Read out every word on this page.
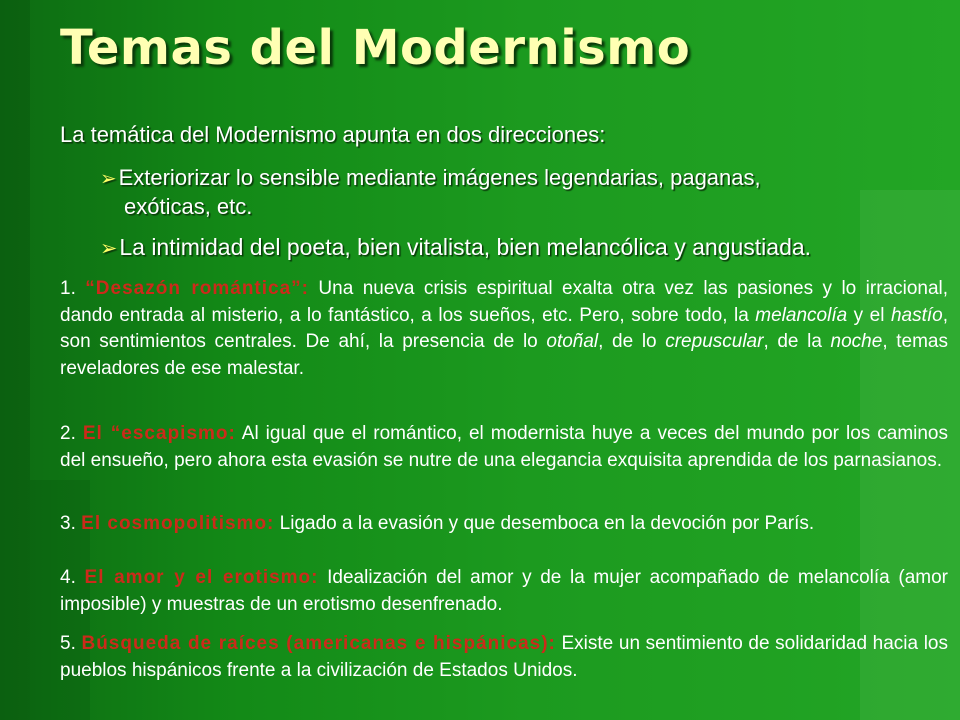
Temas del Modernismo
La temática del Modernismo apunta en dos direcciones:
➢Exteriorizar lo sensible mediante imágenes legendarias, paganas,
exóticas, etc.
➢La intimidad del poeta, bien vitalista, bien melancólica y angustiada.
1. “Desazón romántica”: Una nueva crisis espiritual exalta otra vez las pasiones y lo irracional, dando entrada al misterio, a lo fantástico, a los sueños, etc. Pero, sobre todo, la melancolía y el hastío, son sentimientos centrales. De ahí, la presencia de lo otoñal, de lo crepuscular, de la noche, temas reveladores de ese malestar.
2. El “escapismo: Al igual que el romántico, el modernista huye a veces del mundo por los caminos del ensueño, pero ahora esta evasión se nutre de una elegancia exquisita aprendida de los parnasianos.
3. El cosmopolitismo: Ligado a la evasión y que desemboca en la devoción por París.
4. El amor y el erotismo: Idealización del amor y de la mujer acompañado de melancolía (amor imposible) y muestras de un erotismo desenfrenado.
5. Búsqueda de raíces (americanas e hispánicas): Existe un sentimiento de solidaridad hacia los pueblos hispánicos frente a la civilización de Estados Unidos.
